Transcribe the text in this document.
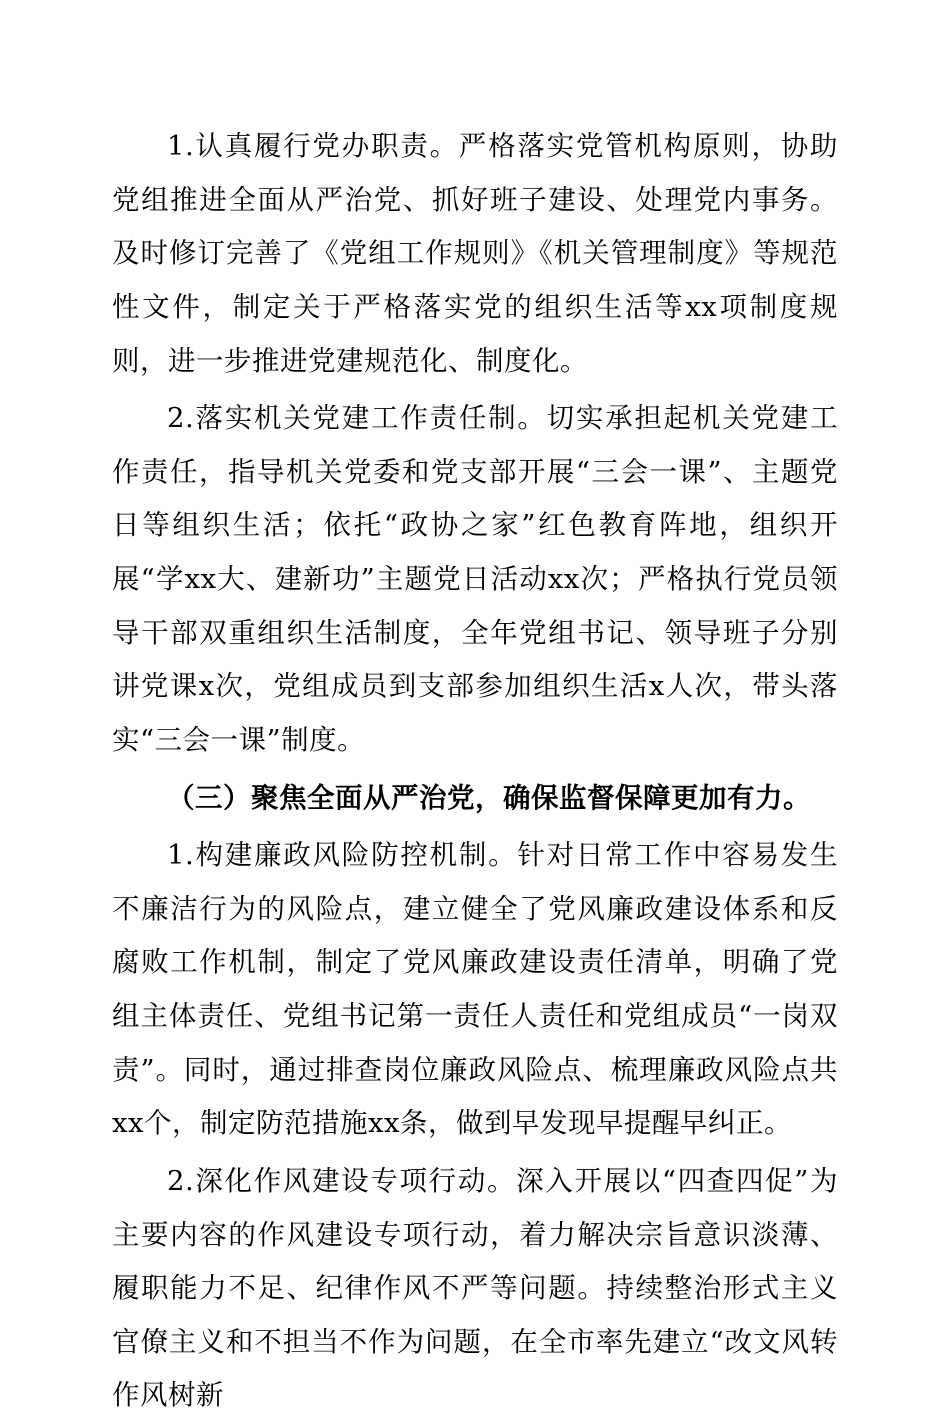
1.认真履行党办职责。严格落实党管机构原则，协助党组推进全面从严治党、抓好班子建设、处理党内事务。及时修订完善了《党组工作规则》《机关管理制度》等规范性文件，制定关于严格落实党的组织生活等xx项制度规则，进一步推进党建规范化、制度化。

2.落实机关党建工作责任制。切实承担起机关党建工作责任，指导机关党委和党支部开展“三会一课”、主题党日等组织生活；依托“政协之家”红色教育阵地，组织开展“学xx大、建新功”主题党日活动xx次；严格执行党员领导干部双重组织生活制度，全年党组书记、领导班子分别讲党课x次，党组成员到支部参加组织生活x人次，带头落实“三会一课”制度。

（三）聚焦全面从严治党，确保监督保障更加有力。

1.构建廉政风险防控机制。针对日常工作中容易发生不廉洁行为的风险点，建立健全了党风廉政建设体系和反腐败工作机制，制定了党风廉政建设责任清单，明确了党组主体责任、党组书记第一责任人责任和党组成员“一岗双责”。同时，通过排查岗位廉政风险点、梳理廉政风险点共xx个，制定防范措施xx条，做到早发现早提醒早纠正。

2.深化作风建设专项行动。深入开展以“四查四促”为主要内容的作风建设专项行动，着力解决宗旨意识淡薄、履职能力不足、纪律作风不严等问题。持续整治形式主义官僚主义和不担当不作为问题，在全市率先建立“改文风转作风树新
